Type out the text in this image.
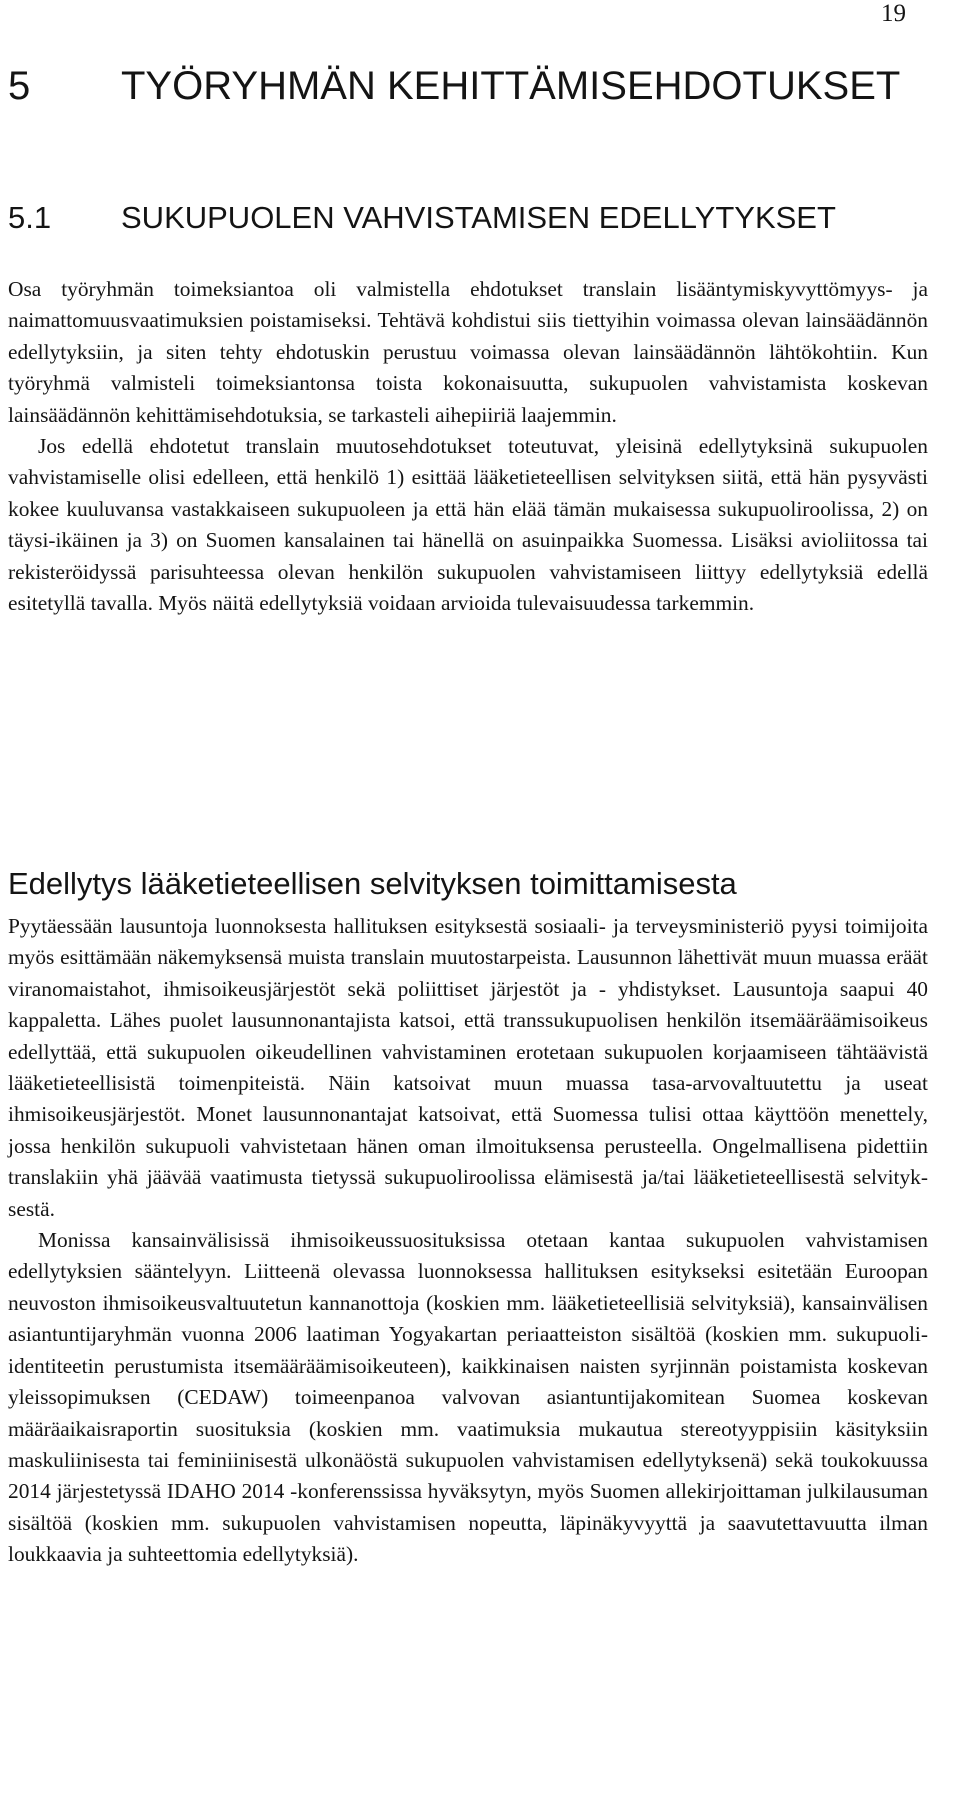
19
5	TYÖRYHMÄN KEHITTÄMISEHDOTUKSET
5.1	SUKUPUOLEN VAHVISTAMISEN EDELLYTYKSET

Osa työryhmän toimeksiantoa oli valmistella ehdotukset translain lisääntymiskyvyttömyys- ja naimattomuusvaatimuksien poistamiseksi. Tehtävä kohdistui siis tiettyihin voimassa olevan lainsäädännön edellytyksiin, ja siten tehty ehdotuskin perustuu voimassa olevan lainsäädännön lähtökohtiin. Kun työryhmä valmisteli toimeksiantonsa toista kokonaisuutta, sukupuolen vahvistamista koskevan lainsäädännön kehittämisehdotuksia, se tarkasteli aihepiiriä laajemmin.

Jos edellä ehdotetut translain muutosehdotukset toteutuvat, yleisinä edellytyksinä sukupuolen vahvistamiselle olisi edelleen, että henkilö 1) esittää lääketieteellisen selvityksen siitä, että hän pysyvästi kokee kuuluvansa vastakkaiseen sukupuoleen ja että hän elää tämän mukaisessa sukupuoliroolissa, 2) on täysi-ikäinen ja 3) on Suomen kansalainen tai hänellä on asuinpaikka Suomessa. Lisäksi avioliitossa tai rekisteröidyssä parisuhteessa olevan henkilön sukupuolen vahvistamiseen liittyy edellytyksiä edellä esitetyllä tavalla. Myös näitä edellytyksiä voidaan arvioida tulevaisuudessa tarkemmin.

Edellytys lääketieteellisen selvityksen toimittamisesta

Pyytäessään lausuntoja luonnoksesta hallituksen esityksestä sosiaali- ja terveysministeriö pyysi toimijoita myös esittämään näkemyksensä muista translain muutostarpeista. Lausunnon lähettivät muun muassa eräät viranomaistahot, ihmisoikeusjärjestöt sekä poliittiset järjestöt ja - yhdistykset. Lausuntoja saapui 40 kappaletta. Lähes puolet lausunnonantajista katsoi, että transsukupuolisen henkilön itsemääräämisoikeus edellyttää, että sukupuolen oikeudellinen vahvistaminen erotetaan sukupuolen korjaamiseen tähtäävistä lääketieteellisistä toimenpiteistä. Näin katsoivat muun muassa tasa-arvovaltuutettu ja useat ihmisoikeusjärjestöt. Monet lausunnonantajat katsoivat, että Suomessa tulisi ottaa käyttöön menettely, jossa henkilön sukupuoli vahvistetaan hänen oman ilmoituksensa perusteella. Ongelmallisena pidettiin translakiin yhä jäävää vaatimusta tietyssä sukupuoliroolissa elämisestä ja/tai lääketieteellisestä selvityksestä.

Monissa kansainvälisissä ihmisoikeussuosituksissa otetaan kantaa sukupuolen vahvistamisen edellytyksien sääntelyyn. Liitteenä olevassa luonnoksessa hallituksen esitykseksi esitetään Euroopan neuvoston ihmisoikeusvaltuutetun kannanottoja (koskien mm. lääketieteellisiä selvityksiä), kansainvälisen asiantuntijaryhmän vuonna 2006 laatiman Yogyakartan periaatteiston sisältöä (koskien mm. sukupuoliidentiteetin perustumista itsemääräämisoikeuteen), kaikkinaisen naisten syrjinnän poistamista koskevan yleissopimuksen (CEDAW) toimeenpanoa valvovan asiantuntijakomitean Suomea koskevan määräaikaisraportin suosituksia (koskien mm. vaatimuksia mukautua stereotyyppisiin käsityksiin maskuliinisesta tai feminiinisestä ulkonäöstä sukupuolen vahvistamisen edellytyksenä) sekä toukokuussa 2014 järjestetyssä IDAHO 2014 -konferenssissa hyväksytyn, myös Suomen allekirjoittaman julkilausuman sisältöä (koskien mm. sukupuolen vahvistamisen nopeutta, läpinäkyvyyttä ja saavutettavuutta ilman loukkaavia ja suhteettomia edellytyksiä).
